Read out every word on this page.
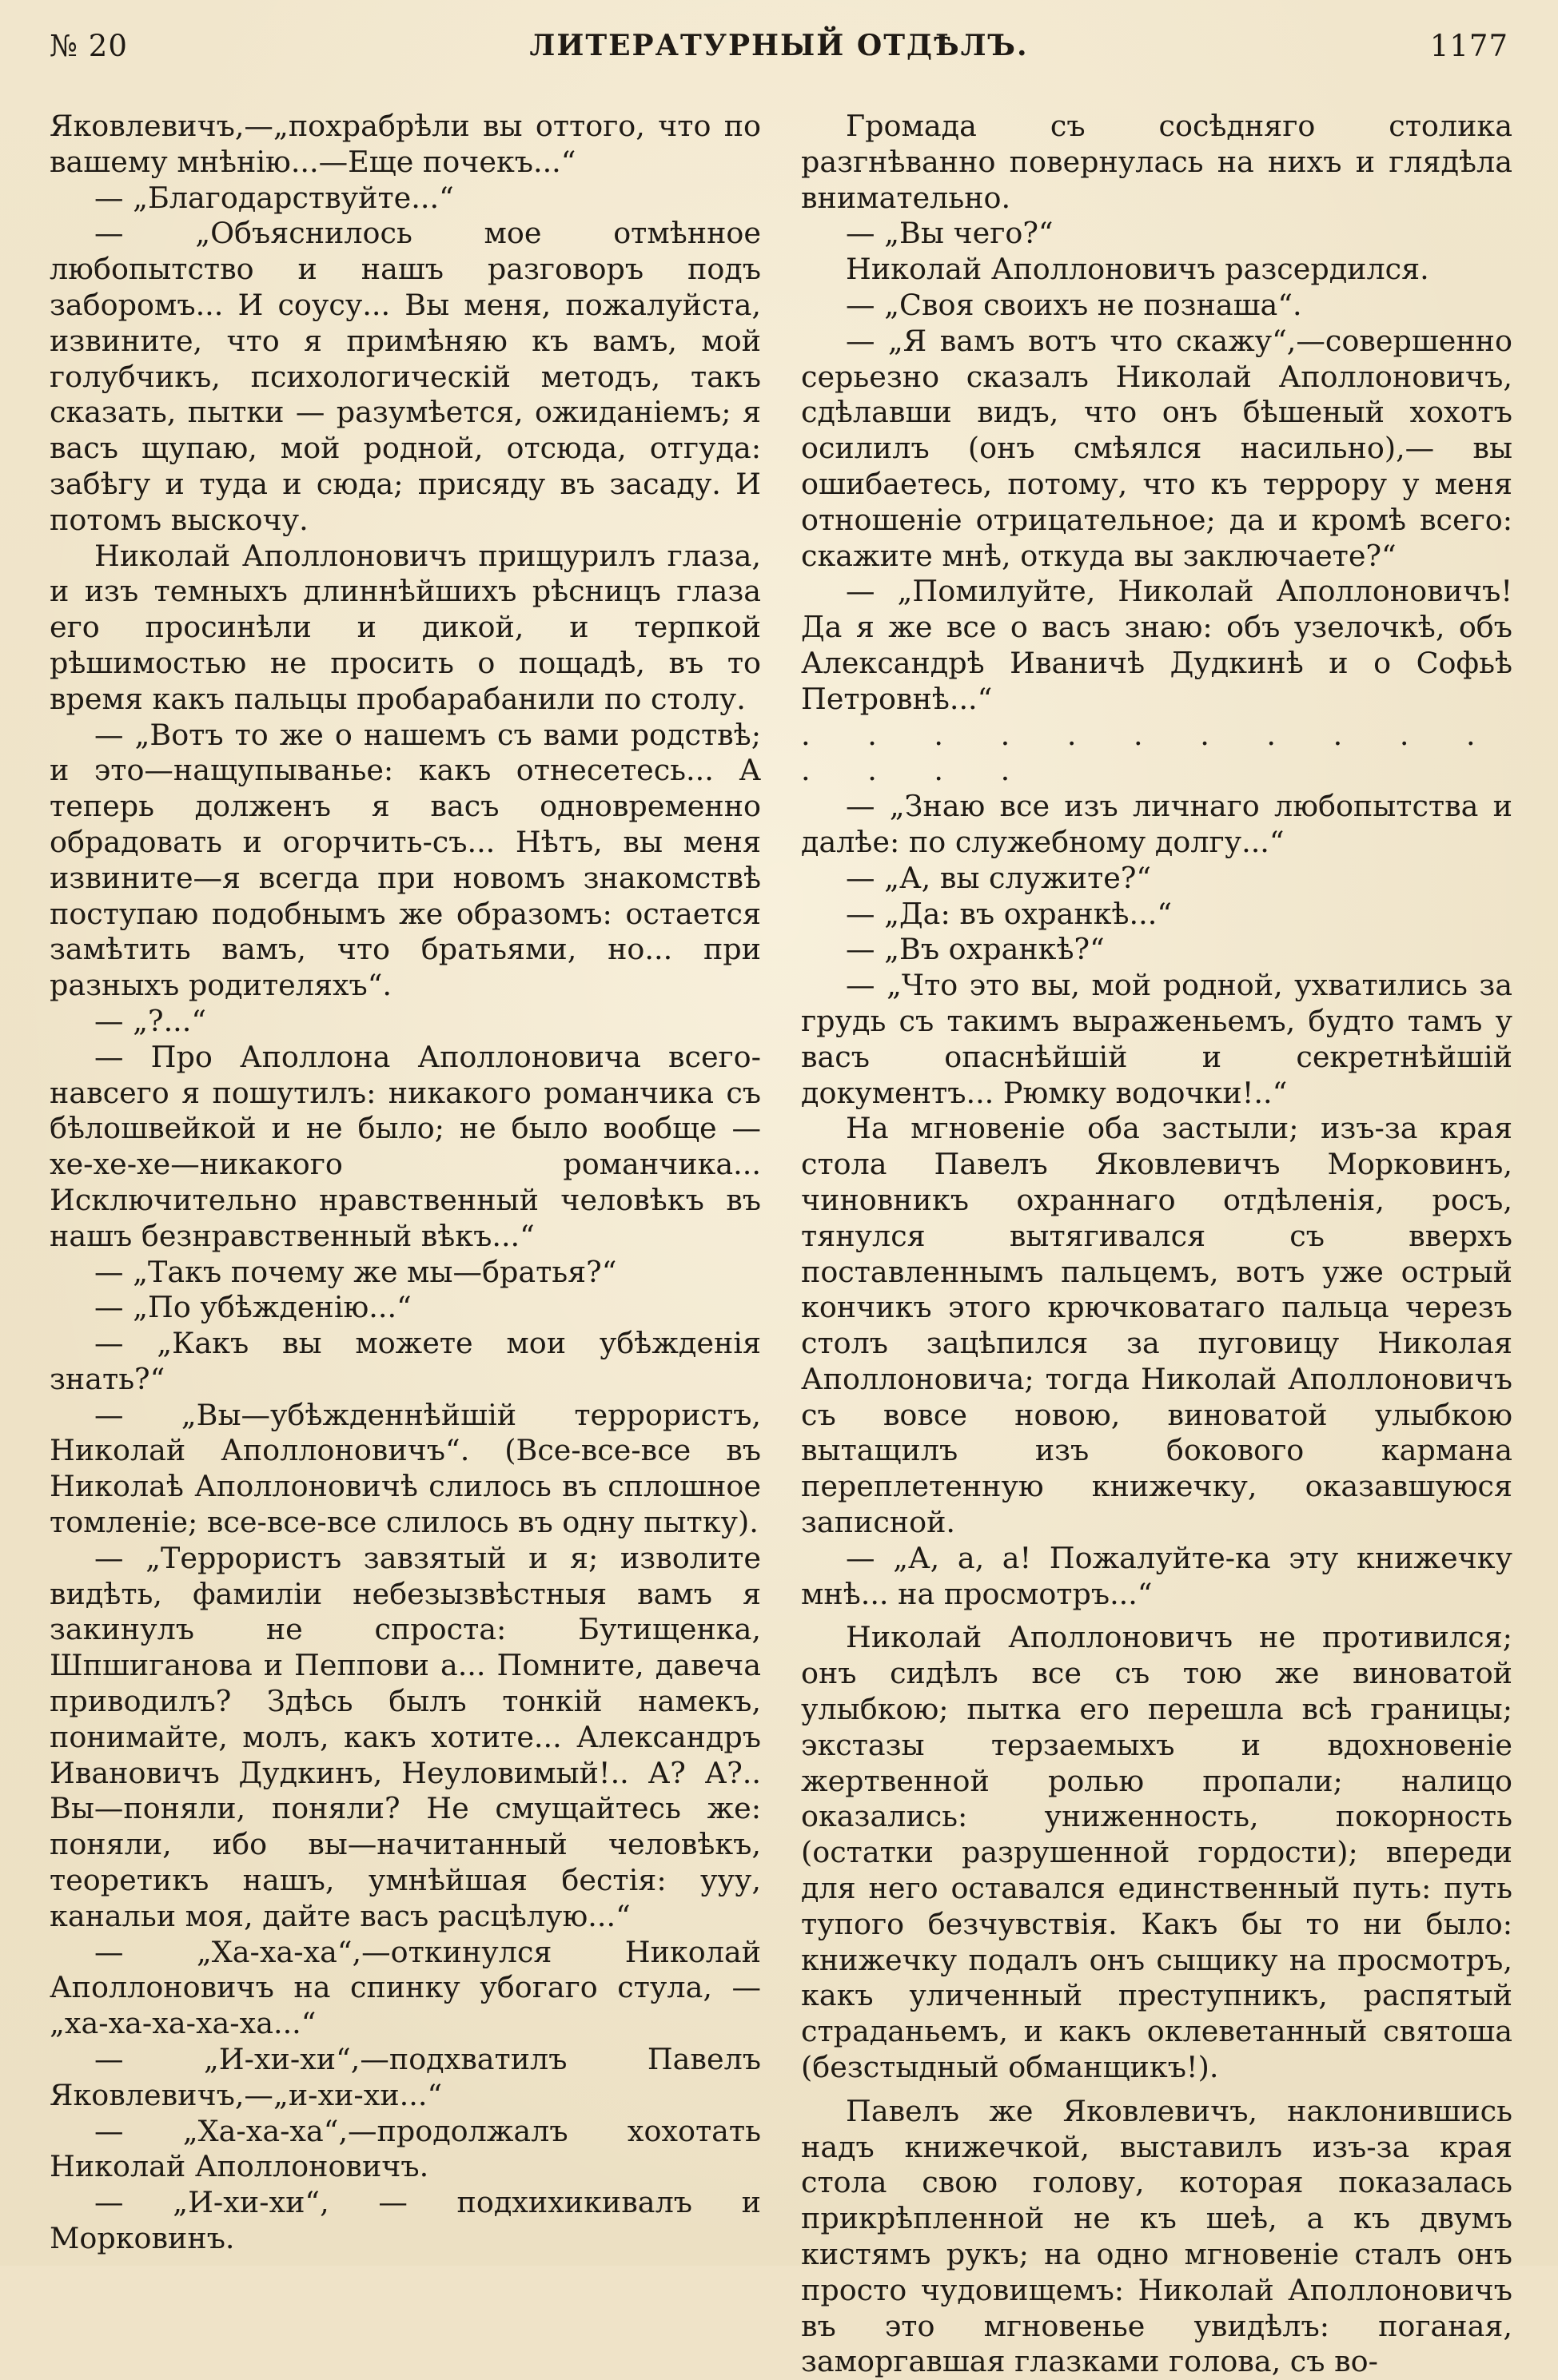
№ 20	ЛИТЕРАТУРНЫЙ ОТДѢЛЪ.	1177

Яковлевичъ,—„похрабрѣли вы оттого, что по вашему мнѣнiю...—Еще почекъ...“

— „Благодарствуйте...“

— „Объяснилось мое отмѣнное любопытство и нашъ разговоръ подъ заборомъ... И соусу... Вы меня, пожалуйста, извините, что я примѣняю къ вамъ, мой голубчикъ, психологическiй методъ, такъ сказать, пытки — разумѣется, ожиданiемъ; я васъ щупаю, мой родной, отсюда, отгуда: забѣгу и туда и сюда; присяду въ засаду. И потомъ выскочу.

Николай Аполлоновичъ прищурилъ глаза, и изъ темныхъ длиннѣйшихъ рѣсницъ глаза его просинѣли и дикой, и терпкой рѣшимостью не просить о пощадѣ, въ то время какъ пальцы пробарабанили по столу.

— „Вотъ то же о нашемъ съ вами родствѣ; и это—нащупыванье: какъ отнесетесь... А теперь долженъ я васъ одновременно обрадовать и огорчить-съ... Нѣтъ, вы меня извините—я всегда при новомъ знакомствѣ поступаю подобнымъ же образомъ: остается замѣтить вамъ, что братьями, но... при разныхъ родителяхъ“.

— „?...“

— Про Аполлона Аполлоновича всего-навсего я пошутилъ: никакого романчика съ бѣлошвейкой и не было; не было вообще — хе-хе-хе—никакого романчика... Исключительно нравственный человѣкъ въ нашъ безнравственный вѣкъ...“

— „Такъ почему же мы—братья?“

— „По убѣжденiю...“

— „Какъ вы можете мои убѣжденiя знать?“

— „Вы—убѣжденнѣйшiй террористъ, Николай Аполлоновичъ“. (Все-все-все въ Николаѣ Аполлоновичѣ слилось въ сплошное томленiе; все-все-все слилось въ одну пытку).

— „Террористъ завзятый и я; изволите видѣть, фамилiи небезызвѣстныя вамъ я закинулъ не спроста: Бутищенка, Шпшиганова и Пеппови а... Помните, давеча приводилъ? Здѣсь былъ тонкiй намекъ, понимайте, молъ, какъ хотите... Александръ Ивановичъ Дудкинъ, Неуловимый!.. А? А?.. Вы—поняли, поняли? Не смущайтесь же: поняли, ибо вы—начитанный человѣкъ, теоретикъ нашъ, умнѣйшая бестiя: ууу, канальи моя, дайте васъ расцѣлую...“

— „Ха-ха-ха“,—откинулся Николай Аполлоновичъ на спинку убогаго стула, — „ха-ха-ха-ха-ха...“

— „И-хи-хи“,—подхватилъ Павелъ Яковлевичъ,—„и-хи-хи...“

— „Ха-ха-ха“,—продолжалъ хохотать Николай Аполлоновичъ.

— „И-хи-хи“, — подхихикивалъ и Морковинъ.

Громада съ сосѣдняго столика разгнѣванно повернулась на нихъ и глядѣла внимательно.

— „Вы чего?“

Николай Аполлоновичъ разсердился.

— „Своя своихъ не познаша“.

— „Я вамъ вотъ что скажу“,—совершенно серьезно сказалъ Николай Аполлоновичъ, сдѣлавши видъ, что онъ бѣшеный хохотъ осилилъ (онъ смѣялся насильно),— вы ошибаетесь, потому, что къ террору у меня отношенiе отрицательное; да и кромѣ всего: скажите мнѣ, откуда вы заключаете?“

— „Помилуйте, Николай Аполлоновичъ! Да я же все о васъ знаю: объ узелочкѣ, объ Александрѣ Иваничѣ Дудкинѣ и о Софьѣ Петровнѣ...“

. . . . . . . . . . . . . . .

— „Знаю все изъ личнаго любопытства и далѣе: по служебному долгу...“

— „А, вы служите?“

— „Да: въ охранкѣ...“

— „Въ охранкѣ?“

— „Что это вы, мой родной, ухватились за грудь съ такимъ выраженьемъ, будто тамъ у васъ опаснѣйшiй и секретнѣйшiй документъ... Рюмку водочки!..“

На мгновенiе оба застыли; изъ-за края стола Павелъ Яковлевичъ Морковинъ, чиновникъ охраннаго отдѣленiя, росъ, тянулся вытягивался съ вверхъ поставленнымъ пальцемъ, вотъ уже острый кончикъ этого крючковатаго пальца черезъ столъ зацѣпился за пуговицу Николая Аполлоновича; тогда Николай Аполлоновичъ съ вовсе новою, виноватой улыбкою вытащилъ изъ бокового кармана переплетенную книжечку, оказавшуюся записной.

— „А, а, а! Пожалуйте-ка эту книжечку мнѣ... на просмотръ...“

Николай Аполлоновичъ не противился; онъ сидѣлъ все съ тою же виноватой улыбкою; пытка его перешла всѣ границы; экстазы терзаемыхъ и вдохновенiе жертвенной ролью пропали; налицо оказались: униженность, покорность (остатки разрушенной гордости); впереди для него оставался единственный путь: путь тупого безчувствiя. Какъ бы то ни было: книжечку подалъ онъ сыщику на просмотръ, какъ уличенный преступникъ, распятый страданьемъ, и какъ оклеветанный святоша (безстыдный обманщикъ!).

Павелъ же Яковлевичъ, наклонившись надъ книжечкой, выставилъ изъ-за края стола свою голову, которая показалась прикрѣпленной не къ шеѣ, а къ двумъ кистямъ рукъ; на одно мгновенiе сталъ онъ просто чудовищемъ: Николай Аполлоновичъ въ это мгновенье увидѣлъ: поганая, заморгавшая глазками голова, съ во-
